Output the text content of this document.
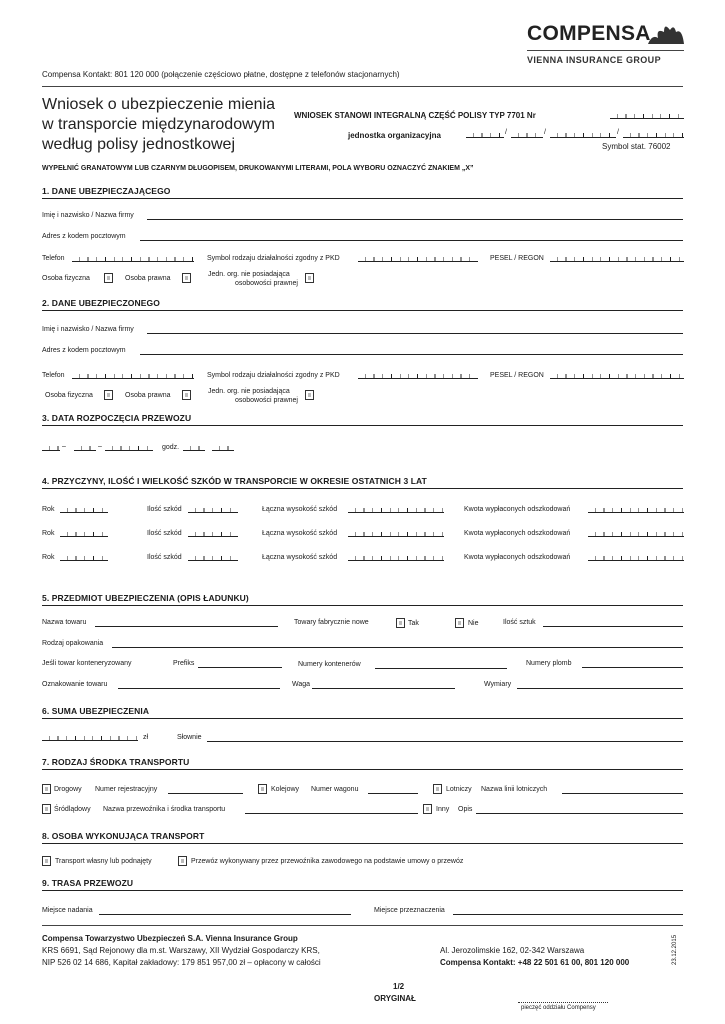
COMPENSA
VIENNA INSURANCE GROUP
Compensa Kontakt: 801 120 000 (połączenie częściowo płatne, dostępne z telefonów stacjonarnych)
Wniosek o ubezpieczenie mienia
w transporcie międzynarodowym
według polisy jednostkowej
WNIOSEK STANOWI INTEGRALNĄ CZĘŚĆ POLISY TYP 7701 Nr
jednostka organizacyjna	/	/	/
Symbol stat. 76002
WYPEŁNIĆ GRANATOWYM LUB CZARNYM DŁUGOPISEM, DRUKOWANYMI LITERAMI, POLA WYBORU OZNACZYĆ ZNAKIEM „X”
1. DANE UBEZPIECZAJĄCEGO
Imię i nazwisko / Nazwa firmy
Adres z kodem pocztowym
Telefon	Symbol rodzaju działalności zgodny z PKD	PESEL / REGON
Osoba fizyczna	Osoba prawna
Jedn. org. nie posiadająca
osobowości prawnej
2. DANE UBEZPIECZONEGO
Imię i nazwisko / Nazwa firmy
Adres z kodem pocztowym
Telefon	Symbol rodzaju działalności zgodny z PKD	PESEL / REGON
Osoba fizyczna	Osoba prawna
Jedn. org. nie posiadająca
osobowości prawnej
3. DATA ROZPOCZĘCIA PRZEWOZU
–	–	godz.
4. PRZYCZYNY, ILOŚĆ I WIELKOŚĆ SZKÓD W TRANSPORCIE W OKRESIE OSTATNICH 3 LAT
Rok	Ilość szkód	Łączna wysokość szkód	Kwota wypłaconych odszkodowań
Rok	Ilość szkód	Łączna wysokość szkód	Kwota wypłaconych odszkodowań
Rok	Ilość szkód	Łączna wysokość szkód	Kwota wypłaconych odszkodowań
5. PRZEDMIOT UBEZPIECZENIA (OPIS ŁADUNKU)
Nazwa towaru	Towary fabrycznie nowe	Tak	Nie	Ilość sztuk
Rodzaj opakowania
Jeśli towar konteneryzowany	Prefiks	Numery kontenerów	Numery plomb
Oznakowanie towaru	Waga	Wymiary
6. SUMA UBEZPIECZENIA
zł	Słownie
7. RODZAJ ŚRODKA TRANSPORTU
Drogowy Numer rejestracyjny	Kolejowy Numer wagonu	Lotniczy Nazwa linii lotniczych
Śródlądowy Nazwa przewoźnika i środka transportu	Inny Opis
8. OSOBA WYKONUJĄCA TRANSPORT
Transport własny lub podnajęty	Przewóz wykonywany przez przewoźnika zawodowego na podstawie umowy o przewóz
9. TRASA PRZEWOZU
Miejsce nadania	Miejsce przeznaczenia
Compensa Towarzystwo Ubezpieczeń S.A. Vienna Insurance Group
KRS 6691, Sąd Rejonowy dla m.st. Warszawy, XII Wydział Gospodarczy KRS,
NIP 526 02 14 686, Kapitał zakładowy: 179 851 957,00 zł – opłacony w całości
Al. Jerozolimskie 162, 02-342 Warszawa
Compensa Kontakt: +48 22 501 61 00, 801 120 000	23.12.2015
1/2
ORYGINAŁ
pieczęć oddziału Compensy
